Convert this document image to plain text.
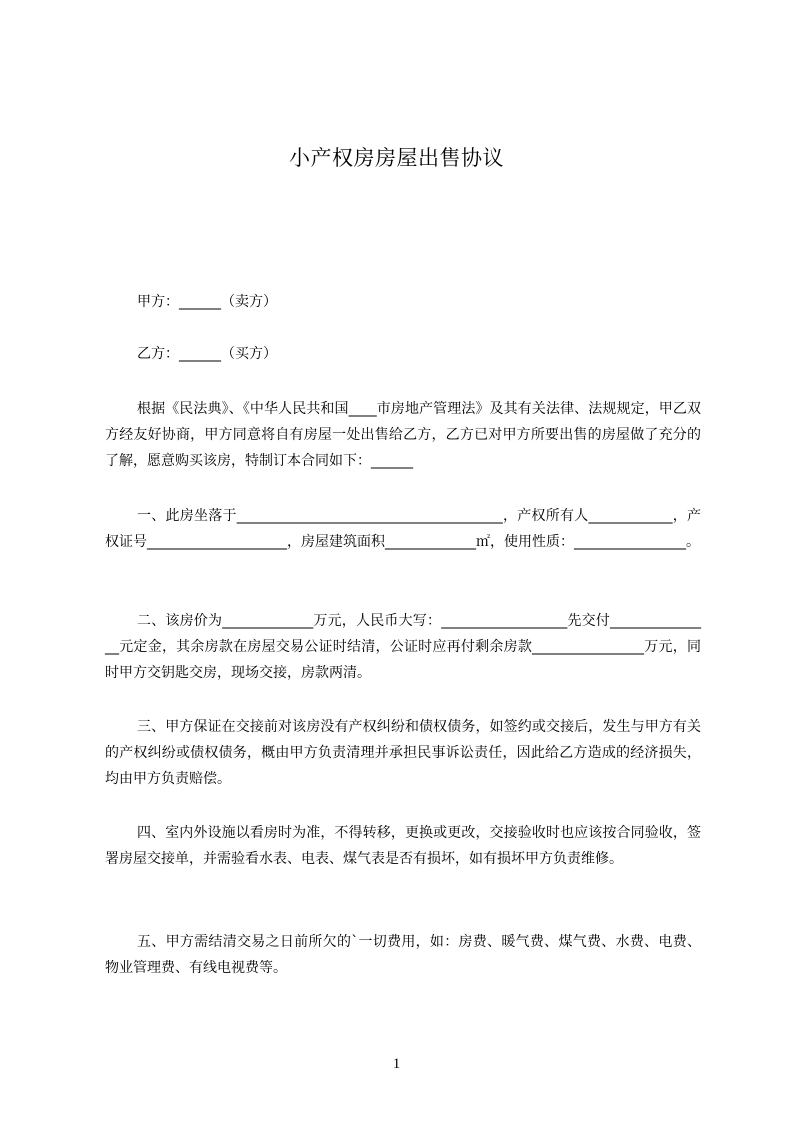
小产权房房屋出售协议
甲方：______（卖方）
乙方：______（买方）
根据《民法典》、《中华人民共和国____市房地产管理法》及其有关法律、法规规定，甲乙双方经友好协商，甲方同意将自有房屋一处出售给乙方，乙方已对甲方所要出售的房屋做了充分的了解，愿意购买该房，特制订本合同如下：______
一、此房坐落于______________________________________，产权所有人____________，产权证号____________________，房屋建筑面积_____________㎡，使用性质：________________。
二、该房价为_____________万元，人民币大写：__________________先交付_______________元定金，其余房款在房屋交易公证时结清，公证时应再付剩余房款________________万元，同时甲方交钥匙交房，现场交接，房款两清。
三、甲方保证在交接前对该房没有产权纠纷和债权债务，如签约或交接后，发生与甲方有关的产权纠纷或债权债务，概由甲方负责清理并承担民事诉讼责任，因此给乙方造成的经济损失，均由甲方负责赔偿。
四、室内外设施以看房时为准，不得转移，更换或更改，交接验收时也应该按合同验收，签署房屋交接单，并需验看水表、电表、煤气表是否有损坏，如有损坏甲方负责维修。
五、甲方需结清交易之日前所欠的`一切费用，如：房费、暖气费、煤气费、水费、电费、物业管理费、有线电视费等。
1
